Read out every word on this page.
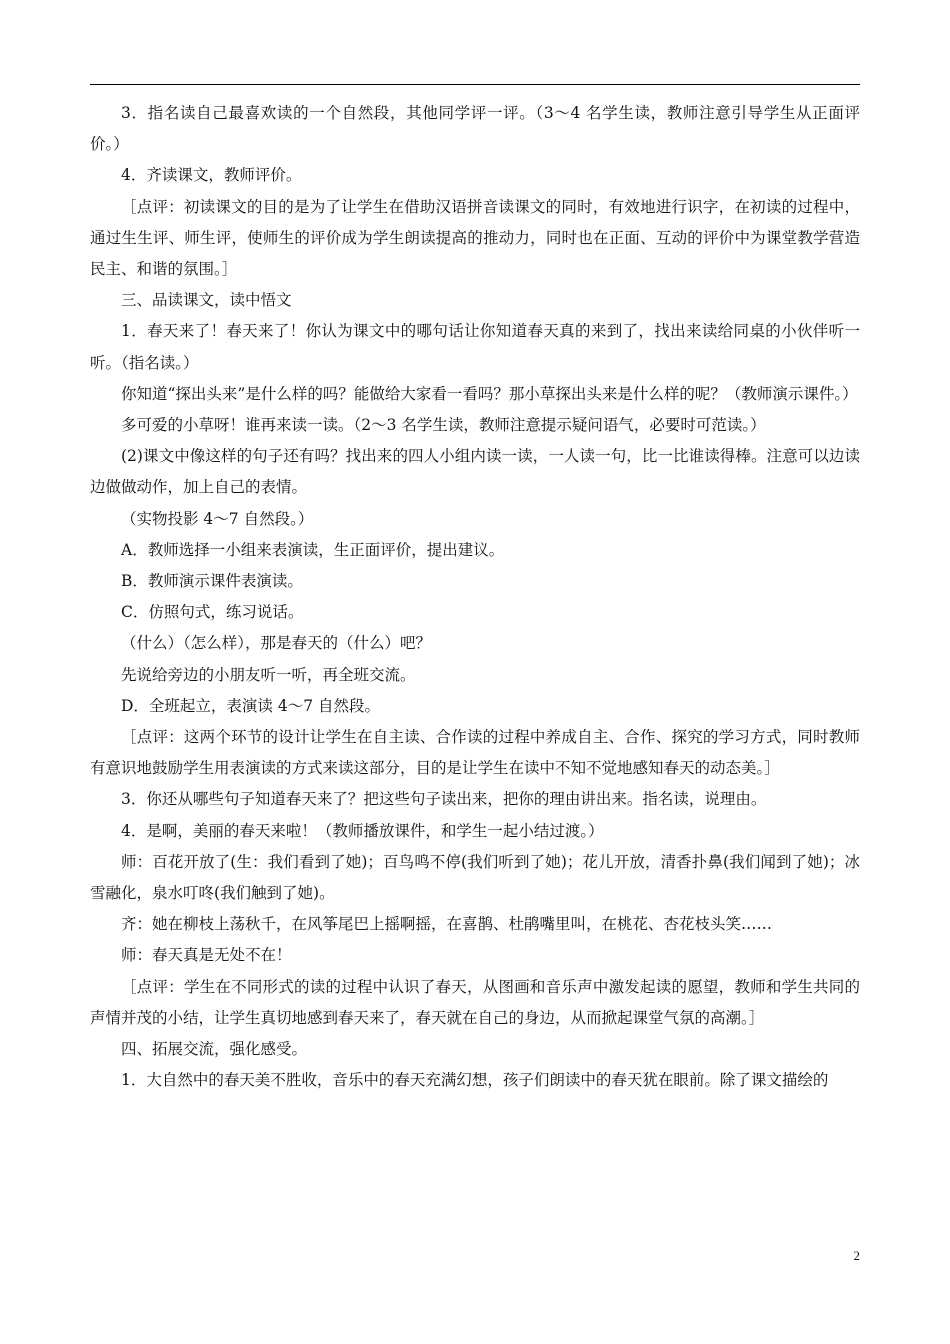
3．指名读自己最喜欢读的一个自然段，其他同学评一评。（3～4 名学生读，教师注意引导学生从正面评价。）

4．齐读课文，教师评价。

［点评：初读课文的目的是为了让学生在借助汉语拼音读课文的同时，有效地进行识字，在初读的过程中，通过生生评、师生评，使师生的评价成为学生朗读提高的推动力，同时也在正面、互动的评价中为课堂教学营造民主、和谐的氛围。］

三、品读课文，读中悟文

1．春天来了！春天来了！你认为课文中的哪句话让你知道春天真的来到了，找出来读给同桌的小伙伴听一听。（指名读。）

你知道“探出头来”是什么样的吗？能做给大家看一看吗？那小草探出头来是什么样的呢？（教师演示课件。）

多可爱的小草呀！谁再来读一读。（2～3 名学生读，教师注意提示疑问语气，必要时可范读。）

(2)课文中像这样的句子还有吗？找出来的四人小组内读一读，一人读一句，比一比谁读得棒。注意可以边读边做做动作，加上自己的表情。

（实物投影 4～7 自然段。）

A．教师选择一小组来表演读，生正面评价，提出建议。

B．教师演示课件表演读。

C．仿照句式，练习说话。

（什么）（怎么样），那是春天的（什么）吧？

先说给旁边的小朋友听一听，再全班交流。

D．全班起立，表演读 4～7 自然段。

［点评：这两个环节的设计让学生在自主读、合作读的过程中养成自主、合作、探究的学习方式，同时教师有意识地鼓励学生用表演读的方式来读这部分，目的是让学生在读中不知不觉地感知春天的动态美。］

3．你还从哪些句子知道春天来了？把这些句子读出来，把你的理由讲出来。指名读，说理由。

4．是啊，美丽的春天来啦！（教师播放课件，和学生一起小结过渡。）

师：百花开放了(生：我们看到了她)；百鸟鸣不停(我们听到了她)；花儿开放，清香扑鼻(我们闻到了她)；冰雪融化，泉水叮咚(我们触到了她)。

齐：她在柳枝上荡秋千，在风筝尾巴上摇啊摇，在喜鹊、杜鹃嘴里叫，在桃花、杏花枝头笑……

师：春天真是无处不在！

［点评：学生在不同形式的读的过程中认识了春天，从图画和音乐声中激发起读的愿望，教师和学生共同的声情并茂的小结，让学生真切地感到春天来了，春天就在自己的身边，从而掀起课堂气氛的高潮。］

四、拓展交流，强化感受。

1．大自然中的春天美不胜收，音乐中的春天充满幻想，孩子们朗读中的春天犹在眼前。除了课文描绘的

2
